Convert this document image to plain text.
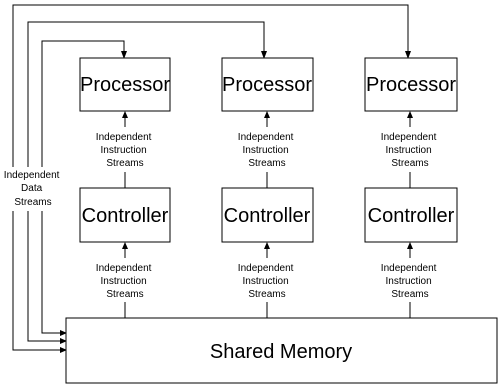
Independent Data Streams
Processor
Controller
Independent Instruction Streams
Independent Instruction Streams
Processor
Controller
Independent Instruction Streams
Independent Instruction Streams
Processor
Controller
Independent Instruction Streams
Independent Instruction Streams
Shared Memory
